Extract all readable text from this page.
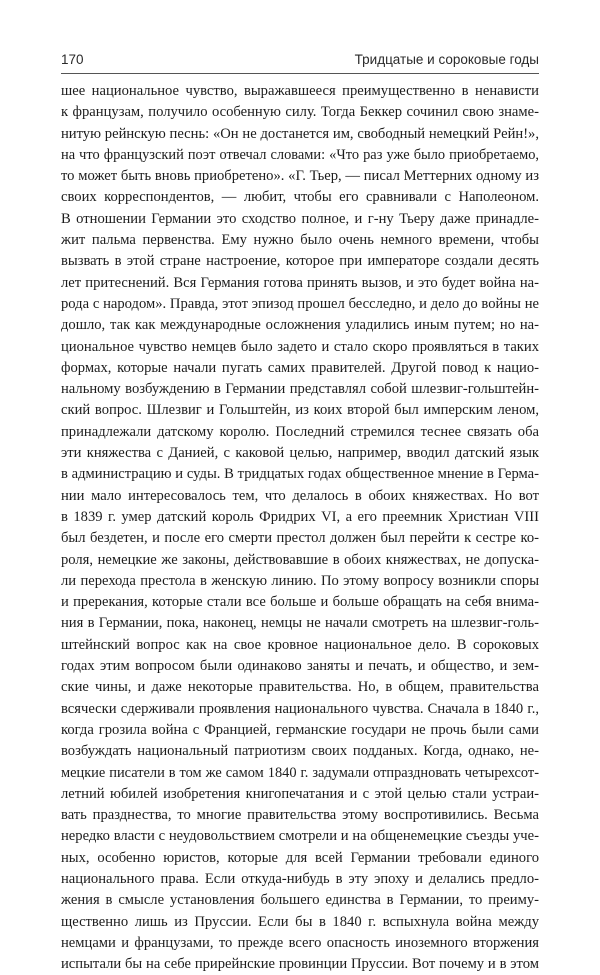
170	Тридцатые и сороковые годы
шее национальное чувство, выражавшееся преимущественно в ненависти
к французам, получило особенную силу. Тогда Беккер сочинил свою знаме-
нитую рейнскую песнь: «Он не достанется им, свободный немецкий Рейн!»,
на что французский поэт отвечал словами: «Что раз уже было приобретаемо,
то может быть вновь приобретено». «Г. Тьер, — писал Меттерних одному из
своих корреспондентов, — любит, чтобы его сравнивали с Наполеоном.
В отношении Германии это сходство полное, и г-ну Тьеру даже принадле-
жит пальма первенства. Ему нужно было очень немного времени, чтобы
вызвать в этой стране настроение, которое при императоре создали десять
лет притеснений. Вся Германия готова принять вызов, и это будет война на-
рода с народом». Правда, этот эпизод прошел бесследно, и дело до войны не
дошло, так как международные осложнения уладились иным путем; но на-
циональное чувство немцев было задето и стало скоро проявляться в таких
формах, которые начали пугать самих правителей. Другой повод к нацио-
нальному возбуждению в Германии представлял собой шлезвиг-гольштейн-
ский вопрос. Шлезвиг и Гольштейн, из коих второй был имперским леном,
принадлежали датскому королю. Последний стремился теснее связать оба
эти княжества с Данией, с каковой целью, например, вводил датский язык
в администрацию и суды. В тридцатых годах общественное мнение в Герма-
нии мало интересовалось тем, что делалось в обоих княжествах. Но вот
в 1839 г. умер датский король Фридрих VI, а его преемник Христиан VIII
был бездетен, и после его смерти престол должен был перейти к сестре ко-
роля, немецкие же законы, действовавшие в обоих княжествах, не допуска-
ли перехода престола в женскую линию. По этому вопросу возникли споры
и пререкания, которые стали все больше и больше обращать на себя внима-
ния в Германии, пока, наконец, немцы не начали смотреть на шлезвиг-голь-
штейнский вопрос как на свое кровное национальное дело. В сороковых
годах этим вопросом были одинаково заняты и печать, и общество, и зем-
ские чины, и даже некоторые правительства. Но, в общем, правительства
всячески сдерживали проявления национального чувства. Сначала в 1840 г.,
когда грозила война с Францией, германские государи не прочь были сами
возбуждать национальный патриотизм своих подданых. Когда, однако, не-
мецкие писатели в том же самом 1840 г. задумали отпраздновать четырехсот-
летний юбилей изобретения книгопечатания и с этой целью стали устраи-
вать празднества, то многие правительства этому воспротивились. Весьма
нередко власти с неудовольствием смотрели и на общенемецкие съезды уче-
ных, особенно юристов, которые для всей Германии требовали единого
национального права. Если откуда-нибудь в эту эпоху и делались предло-
жения в смысле установления большего единства в Германии, то преиму-
щественно лишь из Пруссии. Если бы в 1840 г. вспыхнула война между
немцами и французами, то прежде всего опасность иноземного вторжения
испытали бы на себе прирейнские провинции Пруссии. Вот почему и в этом
